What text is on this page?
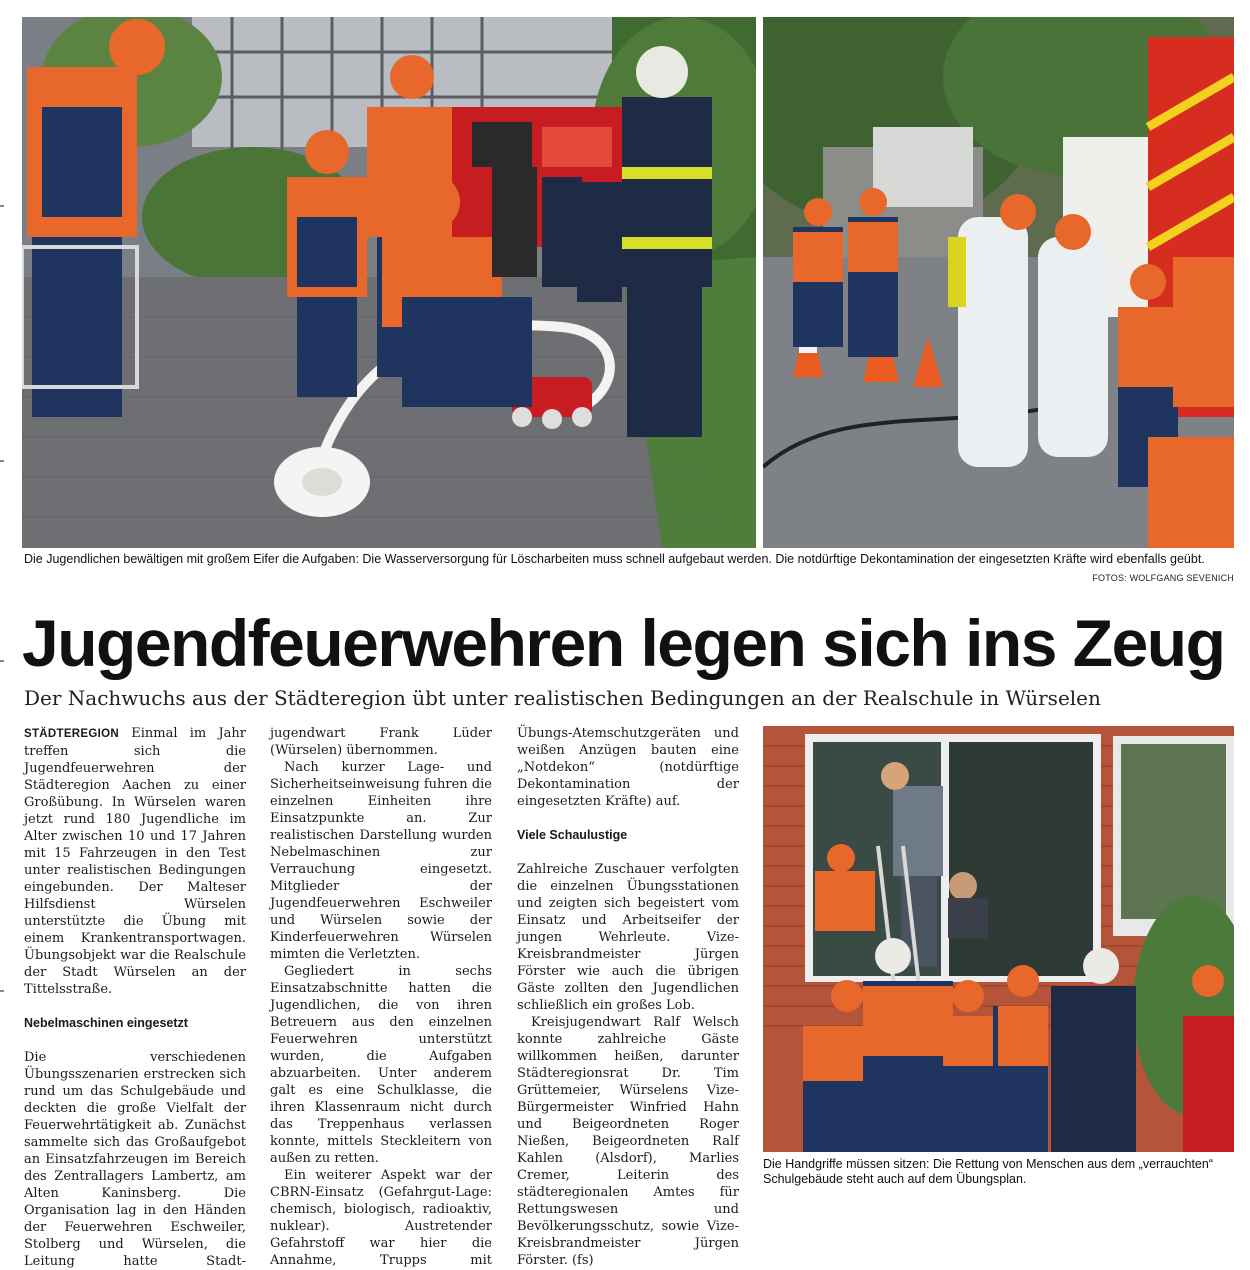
Die Jugendlichen bewältigen mit großem Eifer die Aufgaben: Die Wasserversorgung für Löscharbeiten muss schnell aufgebaut werden. Die notdürftige Dekontamination der eingesetzten Kräfte wird ebenfalls geübt.
FOTOS: WOLFGANG SEVENICH
Jugendfeuerwehren legen sich ins Zeug
Der Nachwuchs aus der Städteregion übt unter realistischen Bedingungen an der Realschule in Würselen

STÄDTEREGION Einmal im Jahr treffen sich die Jugendfeuerwehren der Städteregion Aachen zu einer Großübung. In Würselen waren jetzt rund 180 Jugendliche im Alter zwischen 10 und 17 Jahren mit 15 Fahrzeugen in den Test unter realistischen Bedingungen eingebunden. Der Malteser Hilfsdienst Würselen unterstützte die Übung mit einem Krankentransportwagen. Übungsobjekt war die Realschule der Stadt Würselen an der Tittelsstraße.

Nebelmaschinen eingesetzt

Die verschiedenen Übungsszenarien erstrecken sich rund um das Schulgebäude und deckten die große Vielfalt der Feuerwehrtätigkeit ab. Zunächst sammelte sich das Großaufgebot an Einsatzfahrzeugen im Bereich des Zentrallagers Lambertz, am Alten Kaninsberg. Die Organisation lag in den Händen der Feuerwehren Eschweiler, Stolberg und Würselen, die Leitung hatte Stadt-

jugendwart Frank Lüder (Würselen) übernommen.

Nach kurzer Lage- und Sicherheitseinweisung fuhren die einzelnen Einheiten ihre Einsatzpunkte an. Zur realistischen Darstellung wurden Nebelmaschinen zur Verrauchung eingesetzt. Mitglieder der Jugendfeuerwehren Eschweiler und Würselen sowie der Kinderfeuerwehren Würselen mimten die Verletzten.

Gegliedert in sechs Einsatzabschnitte hatten die Jugendlichen, die von ihren Betreuern aus den einzelnen Feuerwehren unterstützt wurden, die Aufgaben abzuarbeiten. Unter anderem galt es eine Schulklasse, die ihren Klassenraum nicht durch das Treppenhaus verlassen konnte, mittels Steckleitern von außen zu retten.

Ein weiterer Aspekt war der CBRN-Einsatz (Gefahrgut-Lage: chemisch, biologisch, radioaktiv, nuklear). Austretender Gefahrstoff war hier die Annahme, Trupps mit

Übungs-Atemschutzgeräten und weißen Anzügen bauten eine „Notdekon“ (notdürftige Dekontamination der eingesetzten Kräfte) auf.

Viele Schaulustige

Zahlreiche Zuschauer verfolgten die einzelnen Übungsstationen und zeigten sich begeistert vom Einsatz und Arbeitseifer der jungen Wehrleute. Vize-Kreisbrandmeister Jürgen Förster wie auch die übrigen Gäste zollten den Jugendlichen schließlich ein großes Lob.

Kreisjugendwart Ralf Welsch konnte zahlreiche Gäste willkommen heißen, darunter Städteregionsrat Dr. Tim Grüttemeier, Würselens Vize-Bürgermeister Winfried Hahn und Beigeordneten Roger Nießen, Beigeordneten Ralf Kahlen (Alsdorf), Marlies Cremer, Leiterin des städteregionalen Amtes für Rettungswesen und Bevölkerungsschutz, sowie Vize-Kreisbrandmeister Jürgen Förster. (fs)

Die Handgriffe müssen sitzen: Die Rettung von Menschen aus dem „verrauchten“ Schulgebäude steht auch auf dem Übungsplan.
